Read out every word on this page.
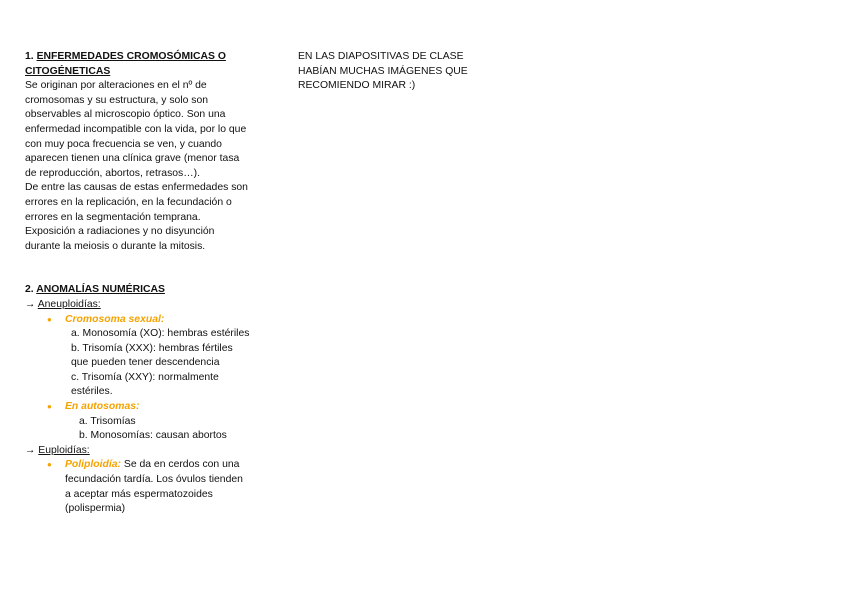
1. ENFERMEDADES CROMOSÓMICAS O

CITOGÉNETICAS

Se originan por alteraciones en el nº de

cromosomas y su estructura, y solo son

observables al microscopio óptico. Son una

enfermedad incompatible con la vida, por lo que

con muy poca frecuencia se ven, y cuando

aparecen tienen una clínica grave (menor tasa

de reproducción, abortos, retrasos…).

De entre las causas de estas enfermedades son

errores en la replicación, en la fecundación o

errores en la segmentación temprana.

Exposición a radiaciones y no disyunción

durante la meiosis o durante la mitosis.

2. ANOMALÍAS NUMÉRICAS

→ Aneuploidías:

● Cromosoma sexual:

a. Monosomía (XO): hembras estériles

b. Trisomía (XXX): hembras fértiles

que pueden tener descendencia

c. Trisomía (XXY): normalmente

estériles.

● En autosomas:

a. Trisomías

b. Monosomías: causan abortos

→ Euploidías:

● Poliploidía: Se da en cerdos con una

fecundación tardía. Los óvulos tienden

a aceptar más espermatozoides

(polispermia)

EN LAS DIAPOSITIVAS DE CLASE

HABÍAN MUCHAS IMÁGENES QUE

RECOMIENDO MIRAR :)
